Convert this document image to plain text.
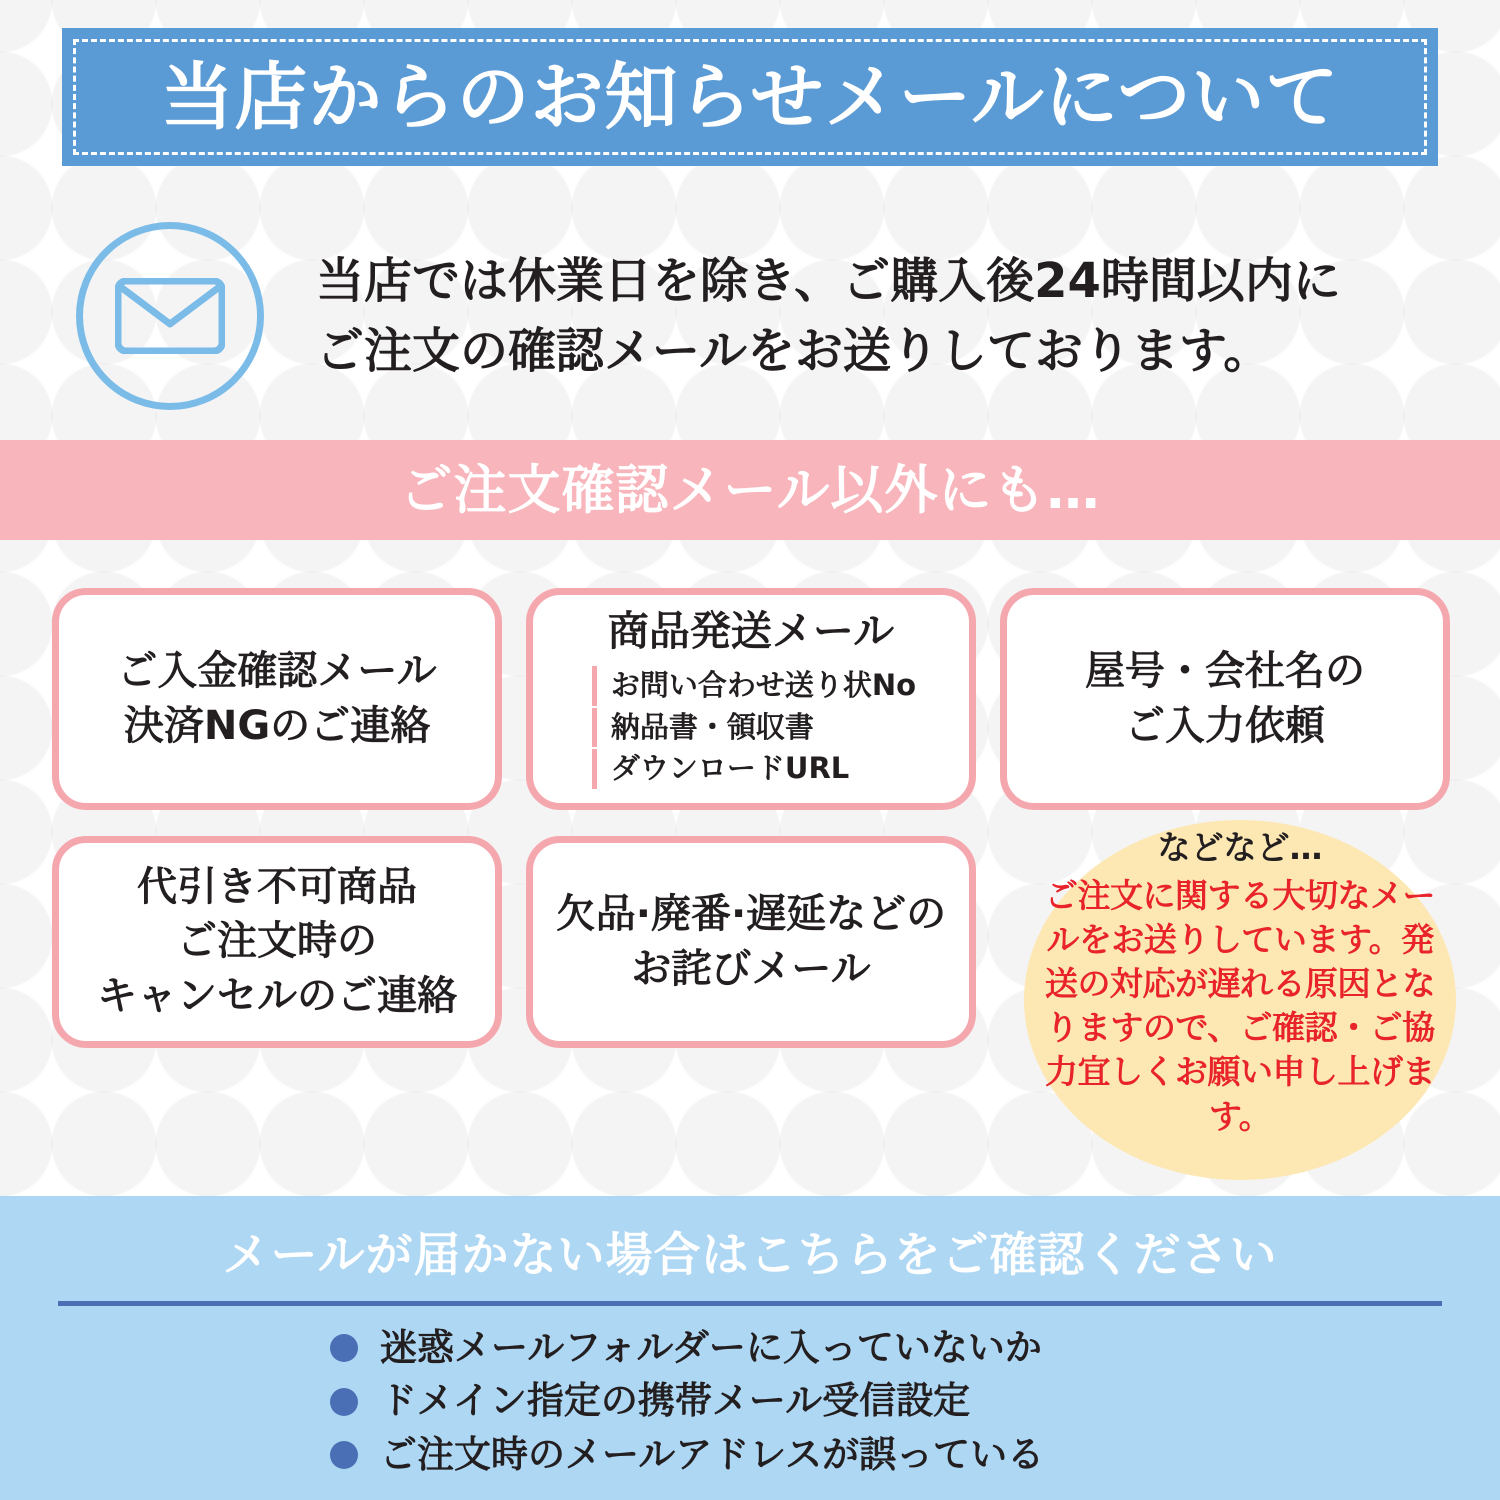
当店からのお知らせメールについて
当店では休業日を除き、ご購入後24時間以内に
ご注文の確認メールをお送りしております。
ご注文確認メール以外にも…
ご入金確認メール
決済NGのご連絡
商品発送メール
お問い合わせ送り状No
納品書・領収書
ダウンロードURL
屋号・会社名の
ご入力依頼
代引き不可商品
ご注文時の
キャンセルのご連絡
欠品·廃番·遅延などの
お詫びメール
などなど…
ご注文に関する大切なメールをお送りしています。発送の対応が遅れる原因となりますので、ご確認・ご協力宜しくお願い申し上げます。
メールが届かない場合はこちらをご確認ください
迷惑メールフォルダーに入っていないか
ドメイン指定の携帯メール受信設定
ご注文時のメールアドレスが誤っている
